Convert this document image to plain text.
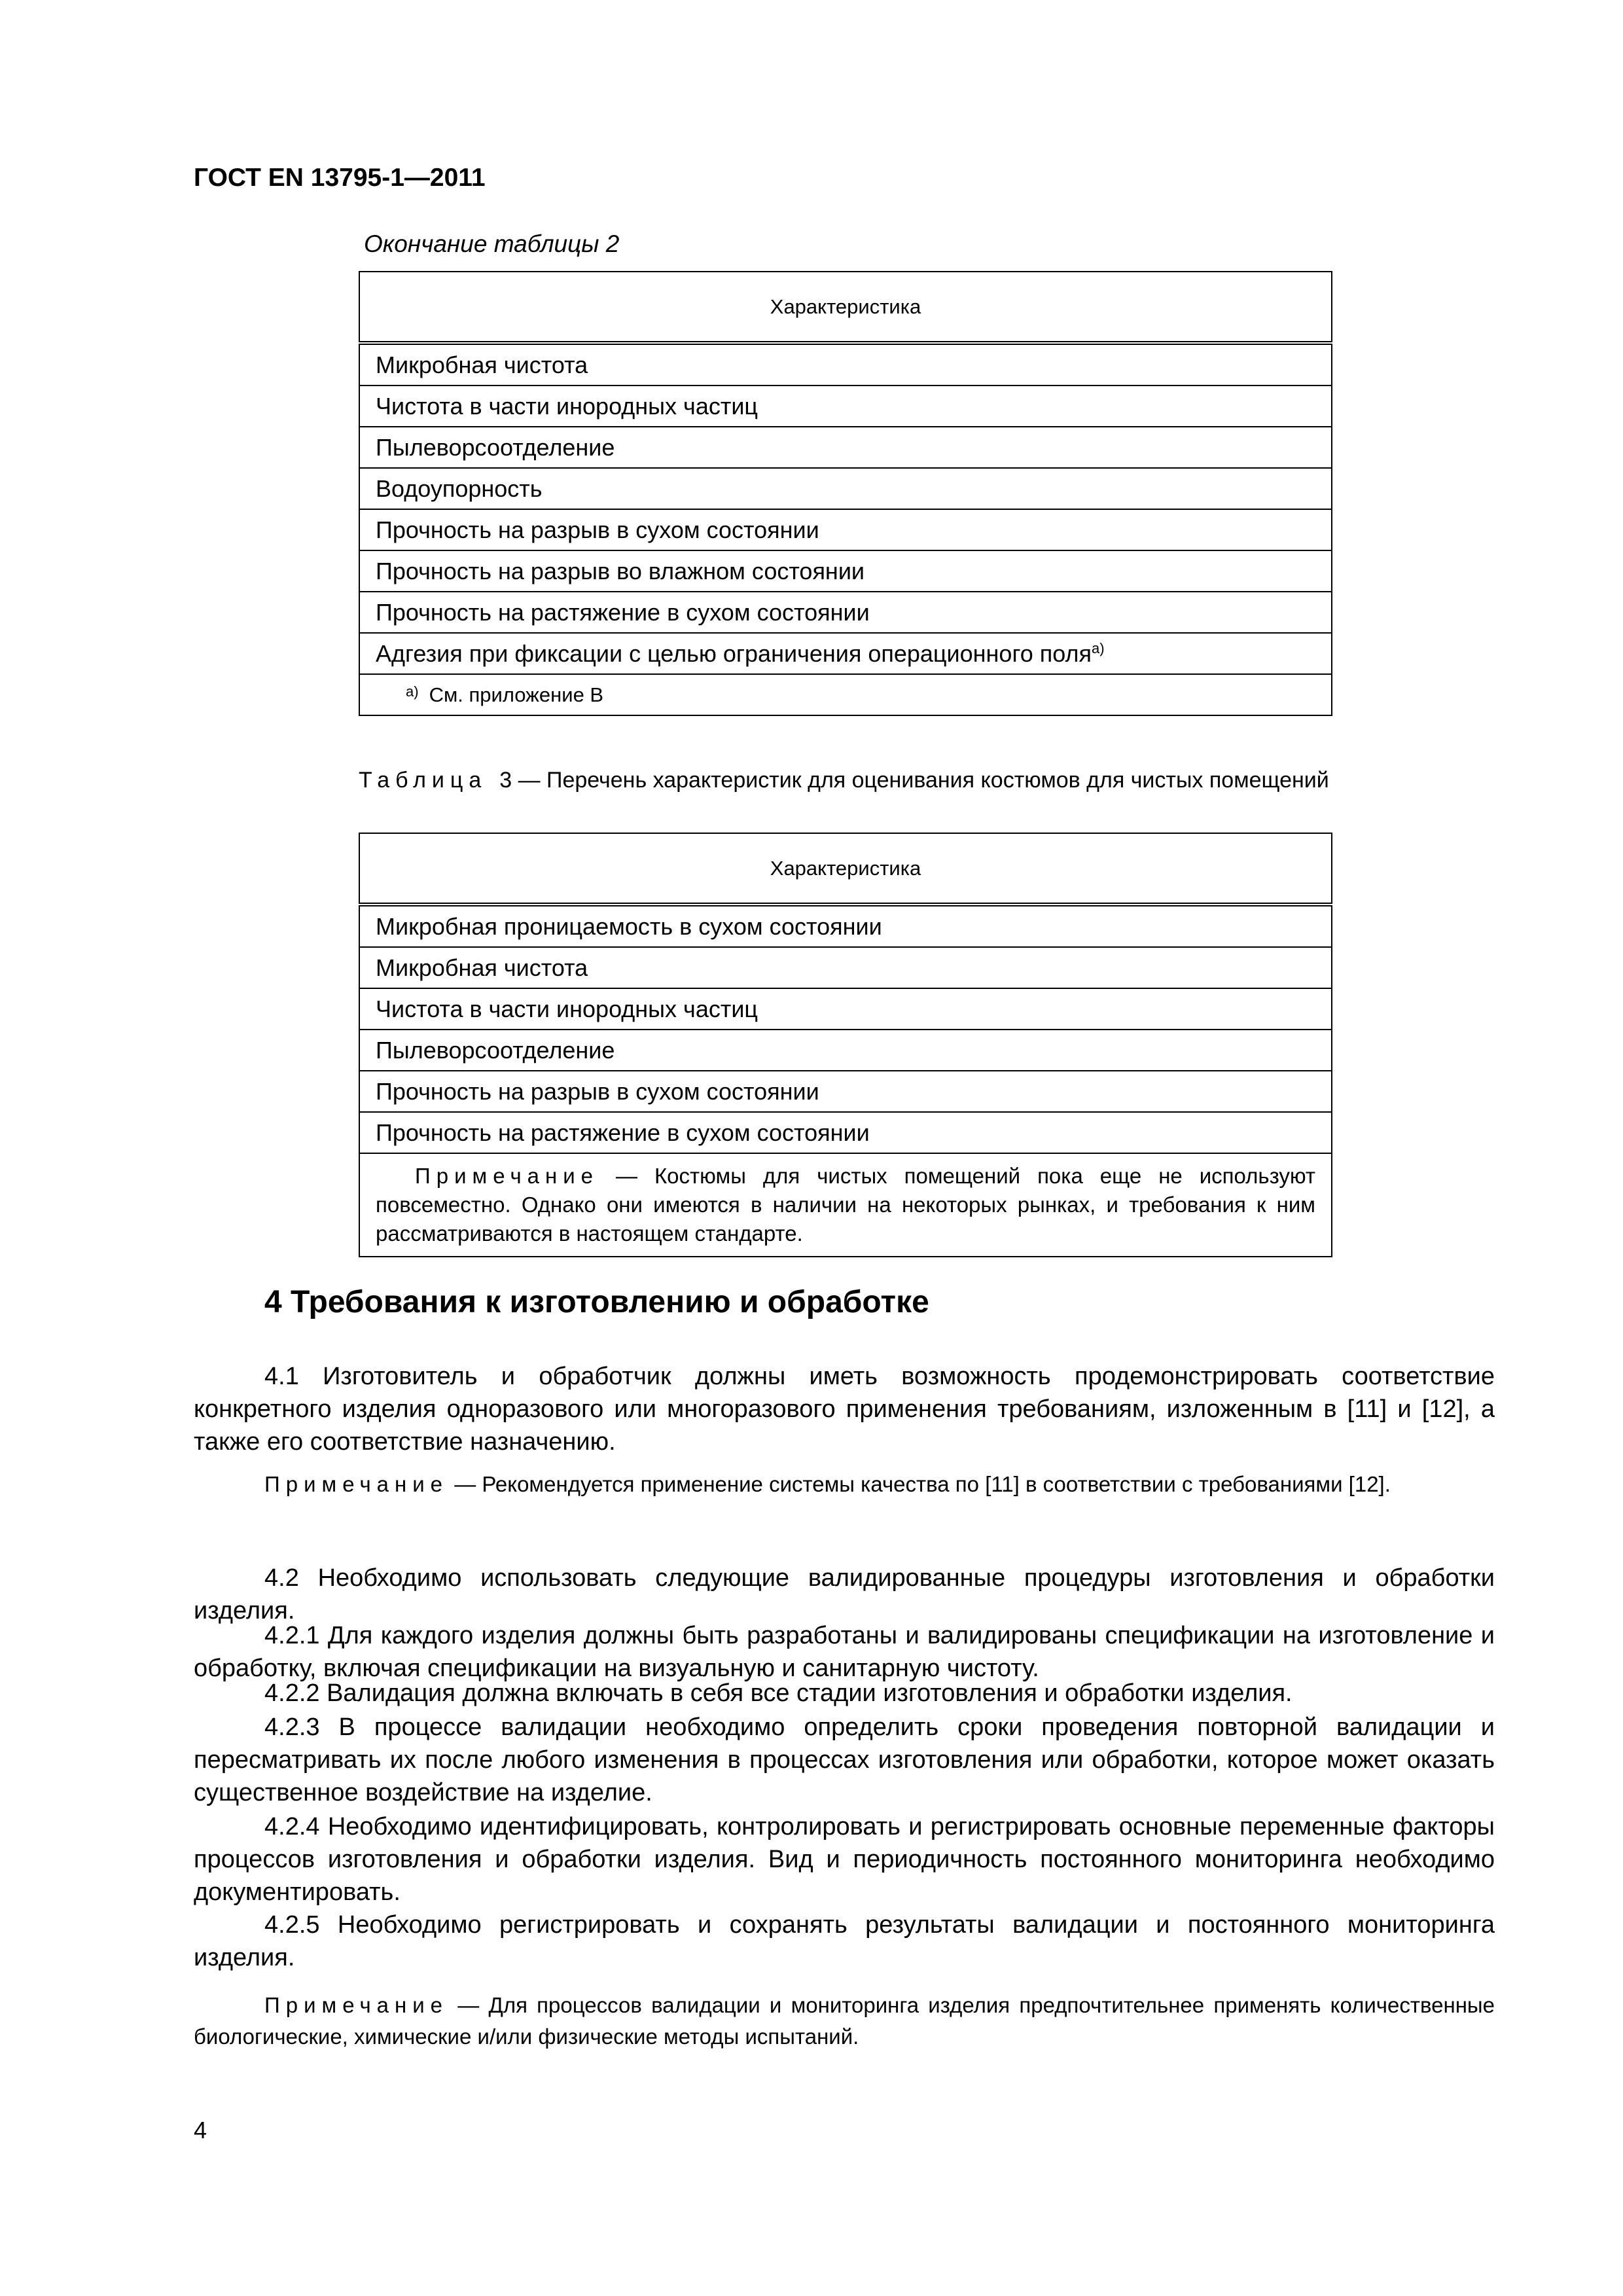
ГОСТ EN 13795-1—2011
Окончание таблицы 2
Характеристика
Микробная чистота
Чистота в части инородных частиц
Пылеворсоотделение
Водоупорность
Прочность на разрыв в сухом состоянии
Прочность на разрыв во влажном состоянии
Прочность на растяжение в сухом состоянии
Адгезия при фиксации с целью ограничения операционного поля$^{a)}$
$^{a)}$ См. приложение В
Таблица 3 — Перечень характеристик для оценивания костюмов для чистых помещений
Характеристика
Микробная проницаемость в сухом состоянии
Микробная чистота
Чистота в части инородных частиц
Пылеворсоотделение
Прочность на разрыв в сухом состоянии
Прочность на растяжение в сухом состоянии
Примечание — Костюмы для чистых помещений пока еще не используют повсеместно. Однако они имеются в наличии на некоторых рынках, и требования к ним рассматриваются в настоящем стандарте.
4 Требования к изготовлению и обработке
4.1 Изготовитель и обработчик должны иметь возможность продемонстрировать соответствие конкретного изделия одноразового или многоразового применения требованиям, изложенным в [11] и [12], а также его соответствие назначению.
Примечание — Рекомендуется применение системы качества по [11] в соответствии с требованиями [12].
4.2 Необходимо использовать следующие валидированные процедуры изготовления и обработки изделия.
4.2.1 Для каждого изделия должны быть разработаны и валидированы спецификации на изготовление и обработку, включая спецификации на визуальную и санитарную чистоту.
4.2.2 Валидация должна включать в себя все стадии изготовления и обработки изделия.
4.2.3 В процессе валидации необходимо определить сроки проведения повторной валидации и пересматривать их после любого изменения в процессах изготовления или обработки, которое может оказать существенное воздействие на изделие.
4.2.4 Необходимо идентифицировать, контролировать и регистрировать основные переменные факторы процессов изготовления и обработки изделия. Вид и периодичность постоянного мониторинга необходимо документировать.
4.2.5 Необходимо регистрировать и сохранять результаты валидации и постоянного мониторинга изделия.
Примечание — Для процессов валидации и мониторинга изделия предпочтительнее применять количественные биологические, химические и/или физические методы испытаний.
4
